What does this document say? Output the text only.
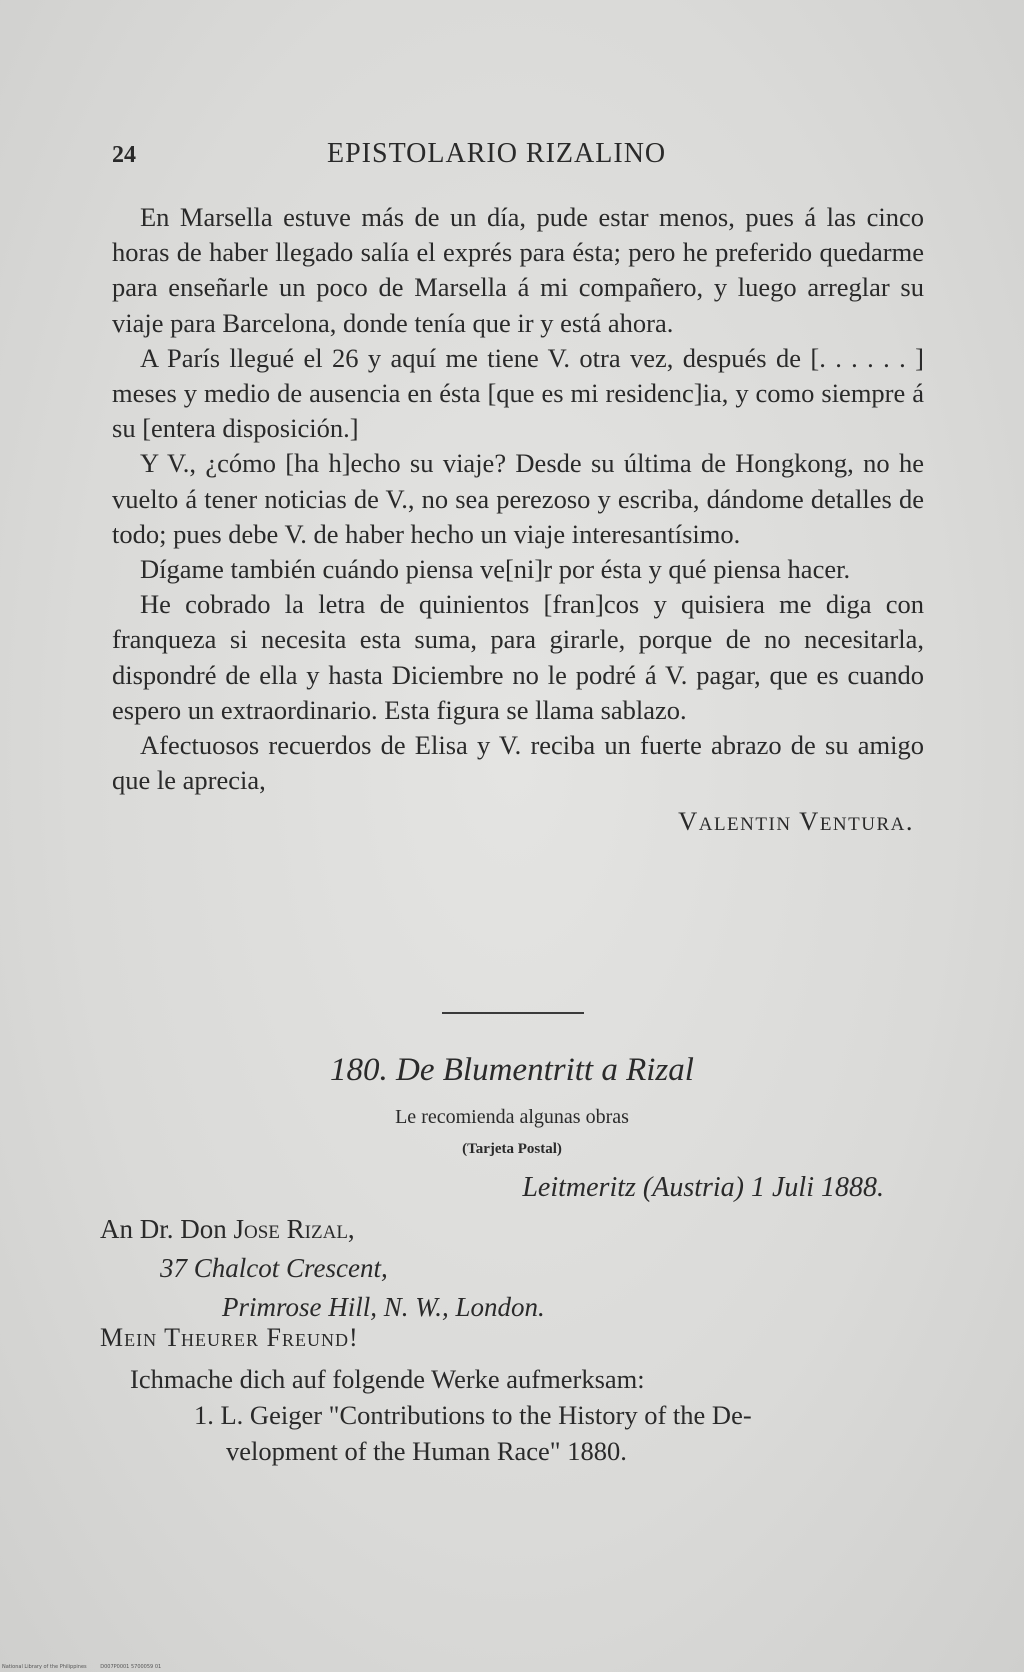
24	EPISTOLARIO RIZALINO

En Marsella estuve más de un día, pude estar menos, pues á las cinco horas de haber llegado salía el exprés para ésta; pero he preferido quedarme para enseñarle un poco de Marsella á mi compañero, y luego arreglar su viaje para Barcelona, donde tenía que ir y está ahora.

A París llegué el 26 y aquí me tiene V. otra vez, después de [. . . . . . ] meses y medio de ausencia en ésta [que es mi residenc]ia, y como siempre á su [entera disposición.]

Y V., ¿cómo [ha h]echo su viaje? Desde su última de Hongkong, no he vuelto á tener noticias de V., no sea perezoso y escriba, dándome detalles de todo; pues debe V. de haber hecho un viaje interesantísimo.

Dígame también cuándo piensa ve[ni]r por ésta y qué piensa hacer.

He cobrado la letra de quinientos [fran]cos y quisiera me diga con franqueza si necesita esta suma, para girarle, porque de no necesitarla, dispondré de ella y hasta Diciembre no le podré á V. pagar, que es cuando espero un extraordinario. Esta figura se llama sablazo.

Afectuosos recuerdos de Elisa y V. reciba un fuerte abrazo de su amigo que le aprecia,

Valentin Ventura.

180. De Blumentritt a Rizal
Le recomienda algunas obras
(Tarjeta Postal)
Leitmeritz (Austria) 1 Juli 1888.
An Dr. Don Jose Rizal,
37 Chalcot Crescent,
Primrose Hill, N. W., London.
Mein Theurer Freund!

Ichmache dich auf folgende Werke aufmerksam:

1. L. Geiger "Contributions to the History of the De-

velopment of the Human Race" 1880.

National Library of the Philippines	D007P0001 5700059 01
